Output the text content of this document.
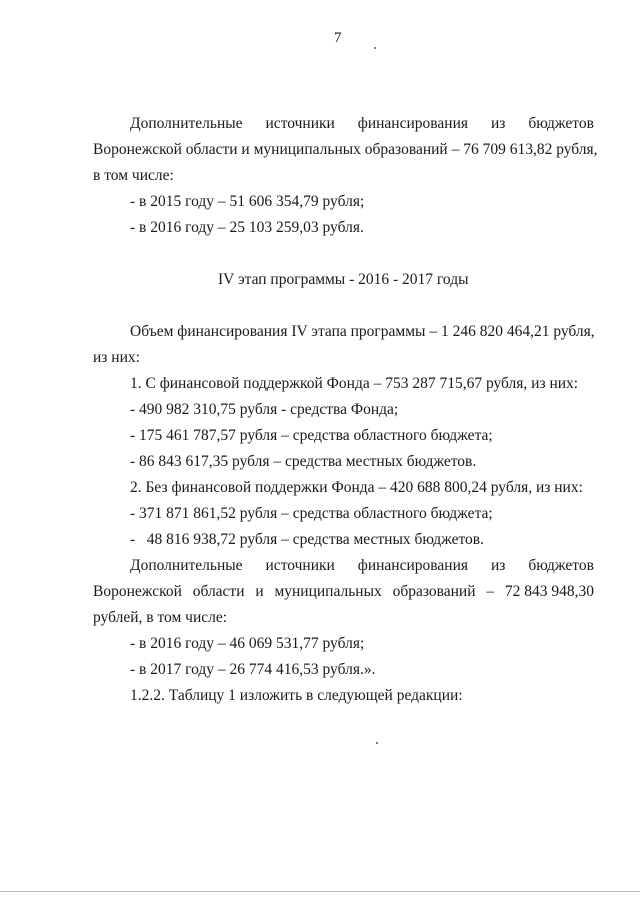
7
Дополнительные источники финансирования из бюджетов
Воронежской области и муниципальных образований – 76 709 613,82 рубля,
в том числе:
- в 2015 году – 51 606 354,79 рубля;
- в 2016 году – 25 103 259,03 рубля.
IV этап программы - 2016 - 2017 годы
Объем финансирования IV этапа программы – 1 246 820 464,21 рубля,
из них:
1. С финансовой поддержкой Фонда – 753 287 715,67 рубля, из них:
- 490 982 310,75 рубля - средства Фонда;
- 175 461 787,57 рубля – средства областного бюджета;
- 86 843 617,35 рубля – средства местных бюджетов.
2. Без финансовой поддержки Фонда – 420 688 800,24 рубля, из них:
- 371 871 861,52 рубля – средства областного бюджета;
-   48 816 938,72 рубля – средства местных бюджетов.
Дополнительные источники финансирования из бюджетов
Воронежской области и муниципальных образований – 72 843 948,30
рублей, в том числе:
- в 2016 году – 46 069 531,77 рубля;
- в 2017 году – 26 774 416,53 рубля.».
1.2.2. Таблицу 1 изложить в следующей редакции:
